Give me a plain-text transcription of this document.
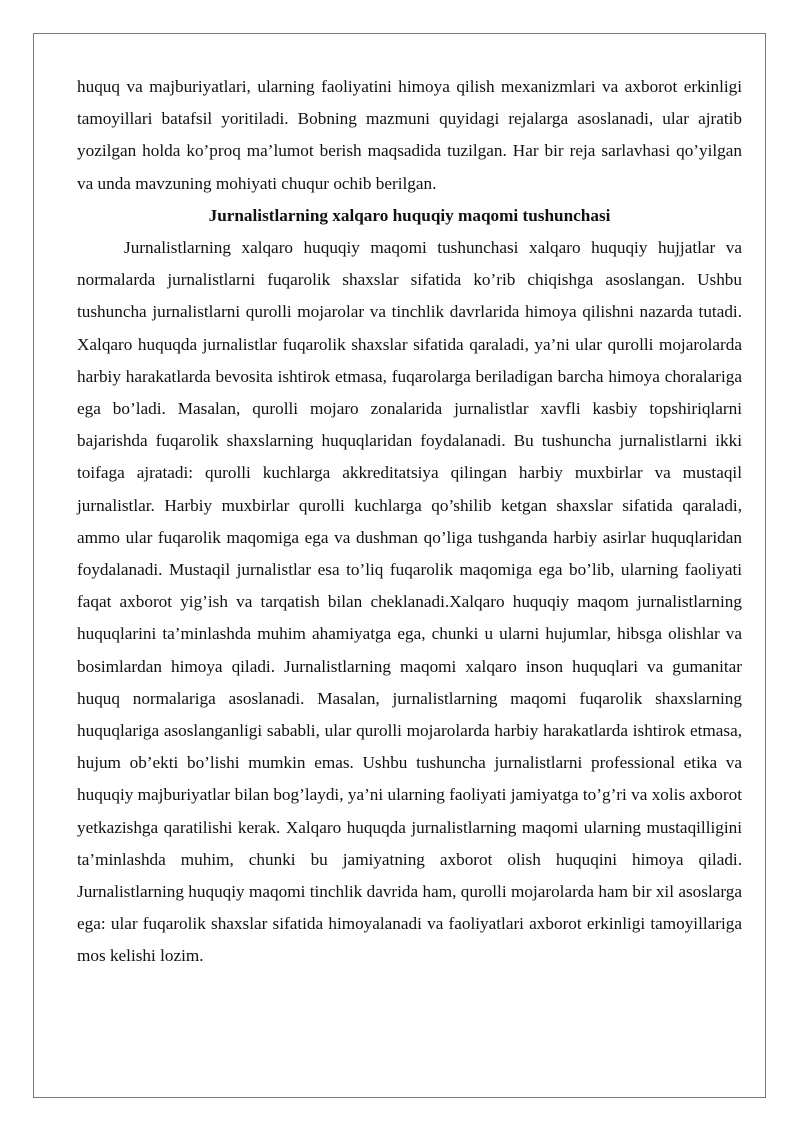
huquq va majburiyatlari, ularning faoliyatini himoya qilish mexanizmlari va axborot erkinligi tamoyillari batafsil yoritiladi. Bobning mazmuni quyidagi rejalarga asoslanadi, ular ajratib yozilgan holda ko’proq ma’lumot berish maqsadida tuzilgan. Har bir reja sarlavhasi qo’yilgan va unda mavzuning mohiyati chuqur ochib berilgan.

Jurnalistlarning xalqaro huquqiy maqomi tushunchasi

Jurnalistlarning xalqaro huquqiy maqomi tushunchasi xalqaro huquqiy hujjatlar va normalarda jurnalistlarni fuqarolik shaxslar sifatida ko’rib chiqishga asoslangan. Ushbu tushuncha jurnalistlarni qurolli mojarolar va tinchlik davrlarida himoya qilishni nazarda tutadi. Xalqaro huquqda jurnalistlar fuqarolik shaxslar sifatida qaraladi, ya’ni ular qurolli mojarolarda harbiy harakatlarda bevosita ishtirok etmasa, fuqarolarga beriladigan barcha himoya choralariga ega bo’ladi. Masalan, qurolli mojaro zonalarida jurnalistlar xavfli kasbiy topshiriqlarni bajarishda fuqarolik shaxslarning huquqlaridan foydalanadi. Bu tushuncha jurnalistlarni ikki toifaga ajratadi: qurolli kuchlarga akkreditatsiya qilingan harbiy muxbirlar va mustaqil jurnalistlar. Harbiy muxbirlar qurolli kuchlarga qo’shilib ketgan shaxslar sifatida qaraladi, ammo ular fuqarolik maqomiga ega va dushman qo’liga tushganda harbiy asirlar huquqlaridan foydalanadi. Mustaqil jurnalistlar esa to’liq fuqarolik maqomiga ega bo’lib, ularning faoliyati faqat axborot yig’ish va tarqatish bilan cheklanadi.Xalqaro huquqiy maqom jurnalistlarning huquqlarini ta’minlashda muhim ahamiyatga ega, chunki u ularni hujumlar, hibsga olishlar va bosimlardan himoya qiladi. Jurnalistlarning maqomi xalqaro inson huquqlari va gumanitar huquq normalariga asoslanadi. Masalan, jurnalistlarning maqomi fuqarolik shaxslarning huquqlariga asoslanganligi sababli, ular qurolli mojarolarda harbiy harakatlarda ishtirok etmasa, hujum ob’ekti bo’lishi mumkin emas. Ushbu tushuncha jurnalistlarni professional etika va huquqiy majburiyatlar bilan bog’laydi, ya’ni ularning faoliyati jamiyatga to’g’ri va xolis axborot yetkazishga qaratilishi kerak. Xalqaro huquqda jurnalistlarning maqomi ularning mustaqilligini ta’minlashda muhim, chunki bu jamiyatning axborot olish huquqini himoya qiladi. Jurnalistlarning huquqiy maqomi tinchlik davrida ham, qurolli mojarolarda ham bir xil asoslarga ega: ular fuqarolik shaxslar sifatida himoyalanadi va faoliyatlari axborot erkinligi tamoyillariga mos kelishi lozim.
